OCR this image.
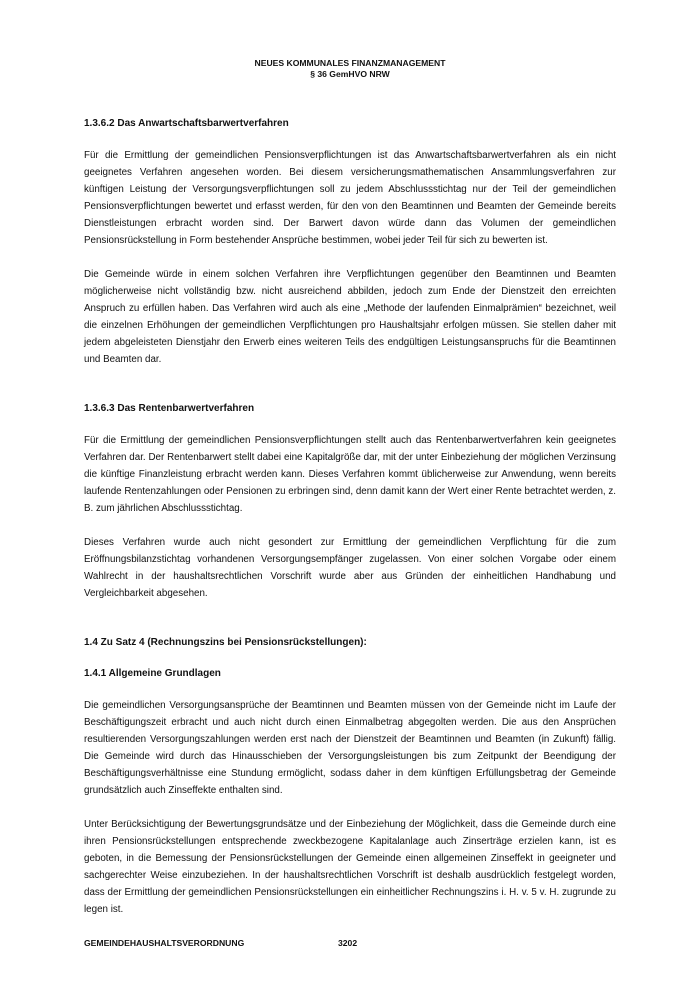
NEUES KOMMUNALES FINANZMANAGEMENT
§ 36 GemHVO NRW
1.3.6.2 Das Anwartschaftsbarwertverfahren

Für die Ermittlung der gemeindlichen Pensionsverpflichtungen ist das Anwartschaftsbarwertverfahren als ein nicht geeignetes Verfahren angesehen worden. Bei diesem versicherungsmathematischen Ansammlungsverfahren zur künftigen Leistung der Versorgungsverpflichtungen soll zu jedem Abschlussstichtag nur der Teil der gemeindlichen Pensionsverpflichtungen bewertet und erfasst werden, für den von den Beamtinnen und Beamten der Gemeinde bereits Dienstleistungen erbracht worden sind. Der Barwert davon würde dann das Volumen der gemeindlichen Pensionsrückstellung in Form bestehender Ansprüche bestimmen, wobei jeder Teil für sich zu bewerten ist.

Die Gemeinde würde in einem solchen Verfahren ihre Verpflichtungen gegenüber den Beamtinnen und Beamten möglicherweise nicht vollständig bzw. nicht ausreichend abbilden, jedoch zum Ende der Dienstzeit den erreichten Anspruch zu erfüllen haben. Das Verfahren wird auch als eine „Methode der laufenden Einmalprämien“ bezeichnet, weil die einzelnen Erhöhungen der gemeindlichen Verpflichtungen pro Haushaltsjahr erfolgen müssen. Sie stellen daher mit jedem abgeleisteten Dienstjahr den Erwerb eines weiteren Teils des endgültigen Leistungsanspruchs für die Beamtinnen und Beamten dar.

1.3.6.3 Das Rentenbarwertverfahren

Für die Ermittlung der gemeindlichen Pensionsverpflichtungen stellt auch das Rentenbarwertverfahren kein geeignetes Verfahren dar. Der Rentenbarwert stellt dabei eine Kapitalgröße dar, mit der unter Einbeziehung der möglichen Verzinsung die künftige Finanzleistung erbracht werden kann. Dieses Verfahren kommt üblicherweise zur Anwendung, wenn bereits laufende Rentenzahlungen oder Pensionen zu erbringen sind, denn damit kann der Wert einer Rente betrachtet werden, z. B. zum jährlichen Abschlussstichtag.

Dieses Verfahren wurde auch nicht gesondert zur Ermittlung der gemeindlichen Verpflichtung für die zum Eröffnungsbilanzstichtag vorhandenen Versorgungsempfänger zugelassen. Von einer solchen Vorgabe oder einem Wahlrecht in der haushaltsrechtlichen Vorschrift wurde aber aus Gründen der einheitlichen Handhabung und Vergleichbarkeit abgesehen.

1.4 Zu Satz 4 (Rechnungszins bei Pensionsrückstellungen):
1.4.1 Allgemeine Grundlagen

Die gemeindlichen Versorgungsansprüche der Beamtinnen und Beamten müssen von der Gemeinde nicht im Laufe der Beschäftigungszeit erbracht und auch nicht durch einen Einmalbetrag abgegolten werden. Die aus den Ansprüchen resultierenden Versorgungszahlungen werden erst nach der Dienstzeit der Beamtinnen und Beamten (in Zukunft) fällig. Die Gemeinde wird durch das Hinausschieben der Versorgungsleistungen bis zum Zeitpunkt der Beendigung der Beschäftigungsverhältnisse eine Stundung ermöglicht, sodass daher in dem künftigen Erfüllungsbetrag der Gemeinde grundsätzlich auch Zinseffekte enthalten sind.

Unter Berücksichtigung der Bewertungsgrundsätze und der Einbeziehung der Möglichkeit, dass die Gemeinde durch eine ihren Pensionsrückstellungen entsprechende zweckbezogene Kapitalanlage auch Zinserträge erzielen kann, ist es geboten, in die Bemessung der Pensionsrückstellungen der Gemeinde einen allgemeinen Zinseffekt in geeigneter und sachgerechter Weise einzubeziehen. In der haushaltsrechtlichen Vorschrift ist deshalb ausdrücklich festgelegt worden, dass der Ermittlung der gemeindlichen Pensionsrückstellungen ein einheitlicher Rechnungszins i. H. v. 5 v. H. zugrunde zu legen ist.

GEMEINDEHAUSHALTSVERORDNUNG	3202
